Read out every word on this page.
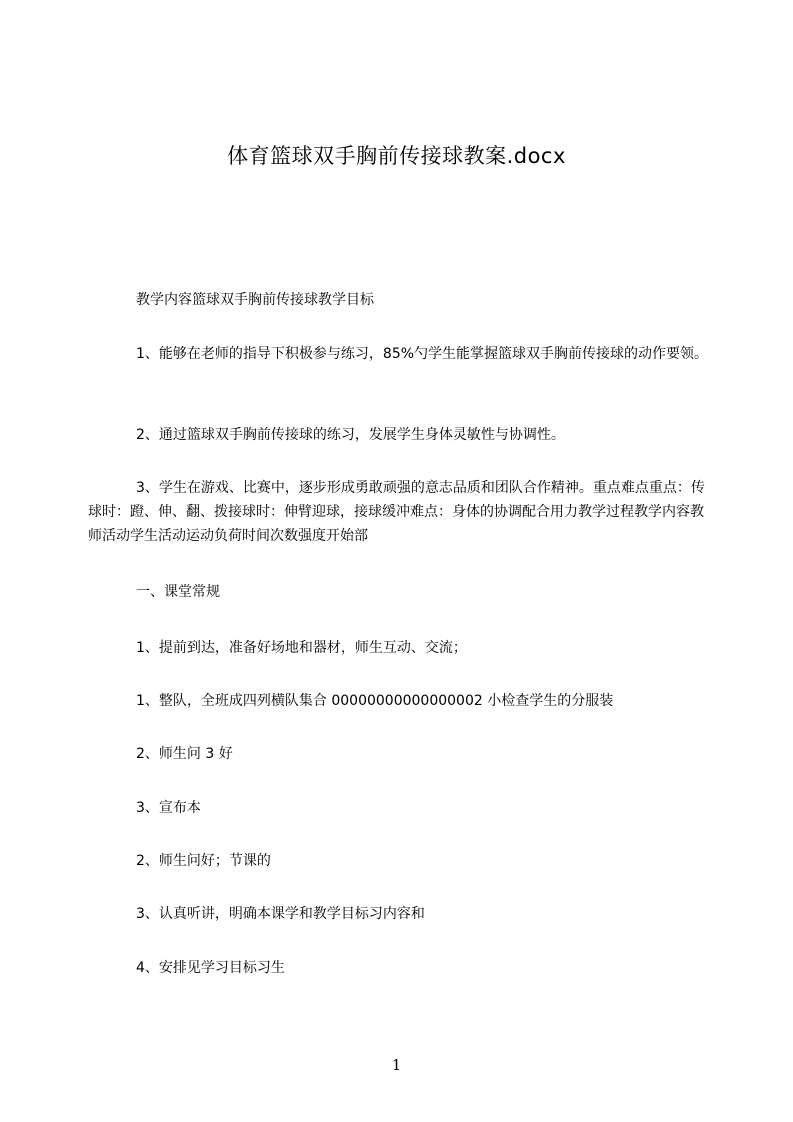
体育篮球双手胸前传接球教案.docx
教学内容篮球双手胸前传接球教学目标
1、能够在老师的指导下积极参与练习，85%勺学生能掌握篮球双手胸前传接球的动作要领。
2、通过篮球双手胸前传接球的练习，发展学生身体灵敏性与协调性。
3、学生在游戏、比赛中，逐步形成勇敢顽强的意志品质和团队合作精神。重点难点重点：传球时：蹬、伸、翻、拨接球时：伸臂迎球，接球缓冲难点：身体的协调配合用力教学过程教学内容教师活动学生活动运动负荷时间次数强度开始部
一、课堂常规
1、提前到达，准备好场地和器材，师生互动、交流；
1、整队，全班成四列横队集合 00000000000000002 小检查学生的分服装
2、师生问 3 好
3、宣布本
2、师生问好；节课的
3、认真听讲，明确本课学和教学目标习内容和
4、安排见学习目标习生
1
